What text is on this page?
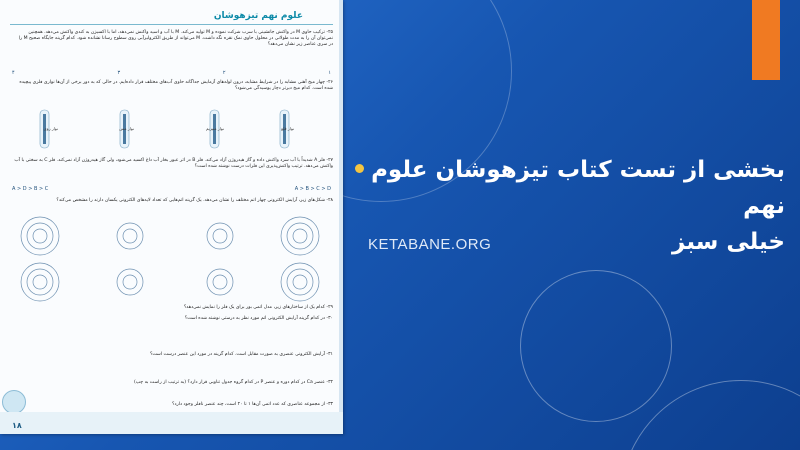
علوم نهم تیزهوشان
۲۵- ترکیب حاوی M در واکنش جانشینی با سرب شرکت نموده و M تولید می‌کند. M با آب و اسید واکنش نمی‌دهد، اما با اکسیژن به کندی واکنش می‌دهد. همچنین نمی‌توان آن را به مدت طولانی در محلول حاوی نمک نقره نگه داشت. M می‌تواند از طریق الکترولیزآبی روی سطوح رسانا نشانده شود. کدام گزینه جایگاه صحیح M را در سری عناصر زیر نشان می‌دهد؟
۱
۲
۳
۴
۲۶- چهار میخ آهنی مشابه را در شرایط مشابه، درون لوله‌های آزمایش جداگانه حاوی آب‌های مختلف قرار داده‌ایم. در حالی که به دور برخی از آن‌ها نواری فلزی پیچیده شده است. کدام میخ دیرتر دچار پوسیدگی می‌شود؟
نوار روی	نوار مس	نوار منیزیم	نوار قلع
۲۷- فلز A شدیداً با آب سرد واکنش داده و گاز هیدروژن آزاد می‌کند. فلز B در اثر عبور بخار آب داغ اکسید می‌شود، ولی گاز هیدروژن آزاد نمی‌کند. فلز C به سختی با آب واکنش می‌دهد. ترتیب واکنش‌پذیری این فلزات درست نوشته شده است؟
A > B > C > D
A > D > B > C
۲۸- شکل‌های زیر، آرایش الکترونی چهار اتم مختلف را نشان می‌دهد. یک گزینه اتم‌هایی که تعداد لایه‌های الکترونی یکسان دارند را مشخص می‌کند؟
۲۹- کدام یک از ساختارهای زیر، مدل اتمی بور برای یک فلز را نمایش نمی‌دهد؟
۳۰- در کدام گزینه آرایش الکترونی اتم مورد نظر به درستی نوشته شده است؟
۳۱- آرایش الکترونی عنصری به صورت مقابل است. کدام گزینه در مورد این عنصر درست است؟
۳۲- عنصر Ca در کدام دوره و عنصر P در کدام گروه جدول تناوبی قرار دارد؟ (به ترتیب از راست به چپ)
۳۳- از مجموعه عناصری که عدد اتمی آن‌ها ۱ تا ۲۰ است، چند عنصر نافلز وجود دارد؟
۱۸
بخشی از تست کتاب تیزهوشان علوم نهم
خیلی سبز
KETABANE.ORG
